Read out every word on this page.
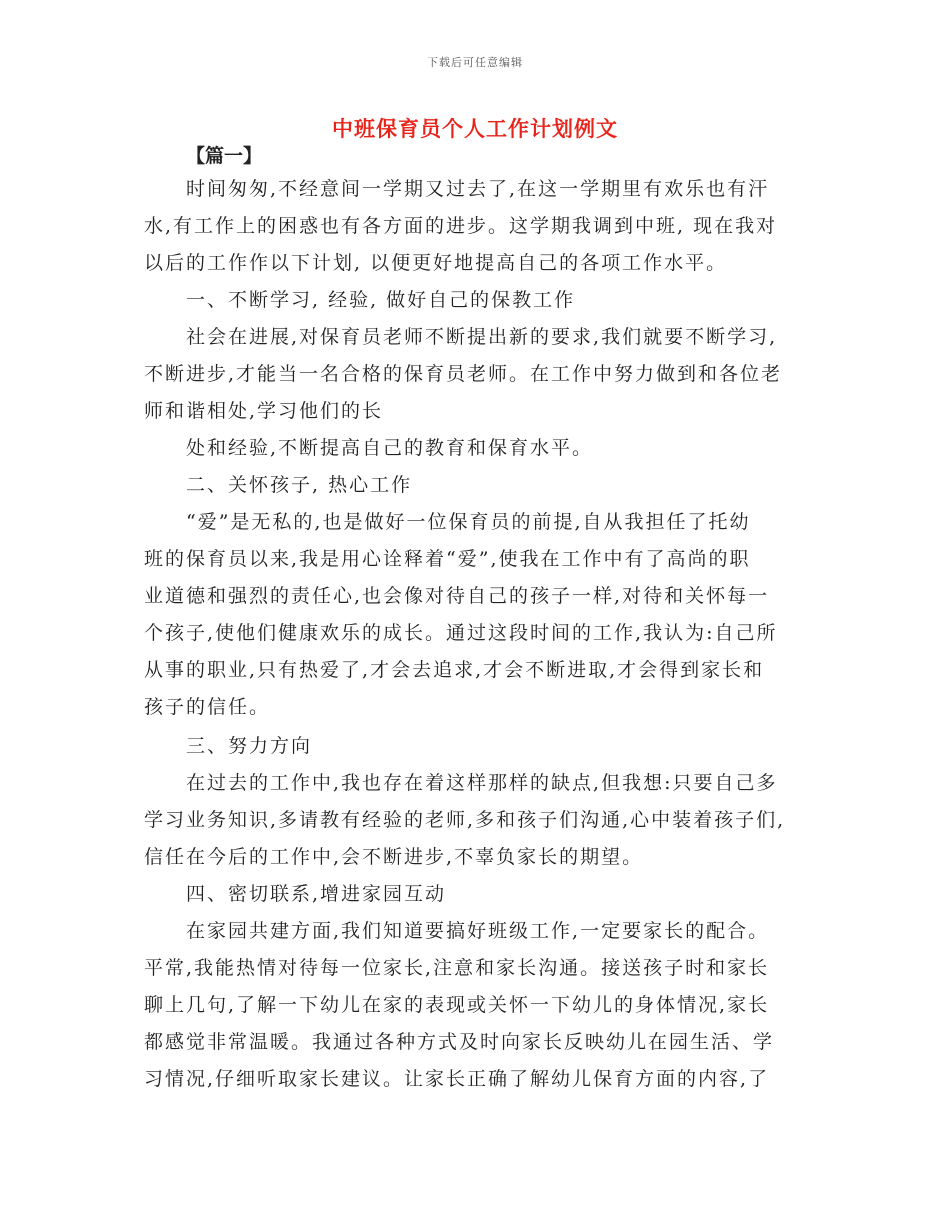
下载后可任意编辑
中班保育员个人工作计划例文
【篇一】
时间匆匆,不经意间一学期又过去了,在这一学期里有欢乐也有汗
水,有工作上的困惑也有各方面的进步。这学期我调到中班, 现在我对
以后的工作作以下计划, 以便更好地提高自己的各项工作水平。
一、不断学习, 经验, 做好自己的保教工作
社会在进展,对保育员老师不断提出新的要求,我们就要不断学习,
不断进步,才能当一名合格的保育员老师。在工作中努力做到和各位老
师和谐相处,学习他们的长
处和经验,不断提高自己的教育和保育水平。
二、关怀孩子, 热心工作
“爱”是无私的,也是做好一位保育员的前提,自从我担任了托幼
班的保育员以来,我是用心诠释着“爱”,使我在工作中有了高尚的职
业道德和强烈的责任心,也会像对待自己的孩子一样,对待和关怀每一
个孩子,使他们健康欢乐的成长。通过这段时间的工作,我认为:自己所
从事的职业,只有热爱了,才会去追求,才会不断进取,才会得到家长和
孩子的信任。
三、努力方向
在过去的工作中,我也存在着这样那样的缺点,但我想:只要自己多
学习业务知识,多请教有经验的老师,多和孩子们沟通,心中装着孩子们,
信任在今后的工作中,会不断进步,不辜负家长的期望。
四、密切联系,增进家园互动
在家园共建方面,我们知道要搞好班级工作,一定要家长的配合。
平常,我能热情对待每一位家长,注意和家长沟通。接送孩子时和家长
聊上几句,了解一下幼儿在家的表现或关怀一下幼儿的身体情况,家长
都感觉非常温暖。我通过各种方式及时向家长反映幼儿在园生活、学
习情况,仔细听取家长建议。让家长正确了解幼儿保育方面的内容,了
